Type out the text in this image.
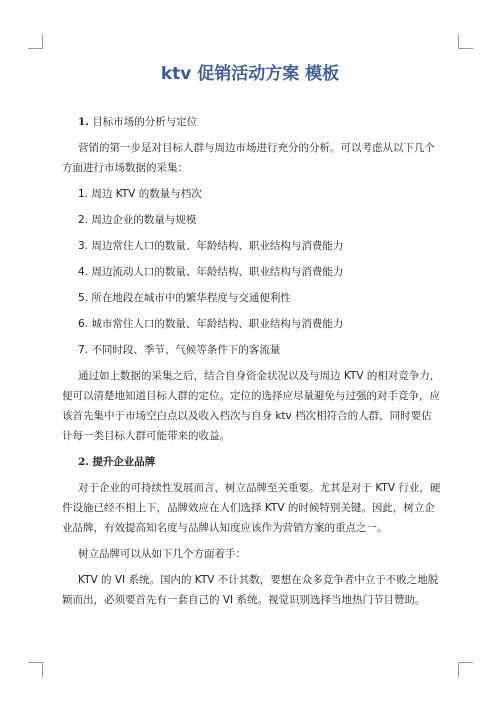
ktv 促销活动方案 模板

1. 目标市场的分析与定位

营销的第一步是对目标人群与周边市场进行充分的分析。可以考虑从以下几个方面进行市场数据的采集：

1. 周边 KTV 的数量与档次

2. 周边企业的数量与规模

3. 周边常住人口的数量、年龄结构、职业结构与消费能力

4. 周边流动人口的数量、年龄结构、职业结构与消费能力

5. 所在地段在城市中的繁华程度与交通便利性

6. 城市常住人口的数量、年龄结构、职业结构与消费能力

7. 不同时段、季节、气候等条件下的客流量

通过如上数据的采集之后，结合自身资金状况以及与周边 KTV 的相对竞争力，便可以清楚地知道目标人群的定位。定位的选择应尽量避免与过强的对手竞争，应该首先集中于市场空白点以及收入档次与自身 ktv 档次相符合的人群，同时要估计每一类目标人群可能带来的收益。

2. 提升企业品牌

对于企业的可持续性发展而言，树立品牌至关重要。尤其是对于 KTV 行业，硬件设施已经不相上下，品牌效应在人们选择 KTV 的时候特别关键。因此，树立企业品牌，有效提高知名度与品牌认知度应该作为营销方案的重点之一。

树立品牌可以从如下几个方面着手：

KTV 的 VI 系统。国内的 KTV 不计其数，要想在众多竞争者中立于不败之地脱颖而出，必须要首先有一套自己的 VI 系统。视觉识别选择当地热门节目赞助。
